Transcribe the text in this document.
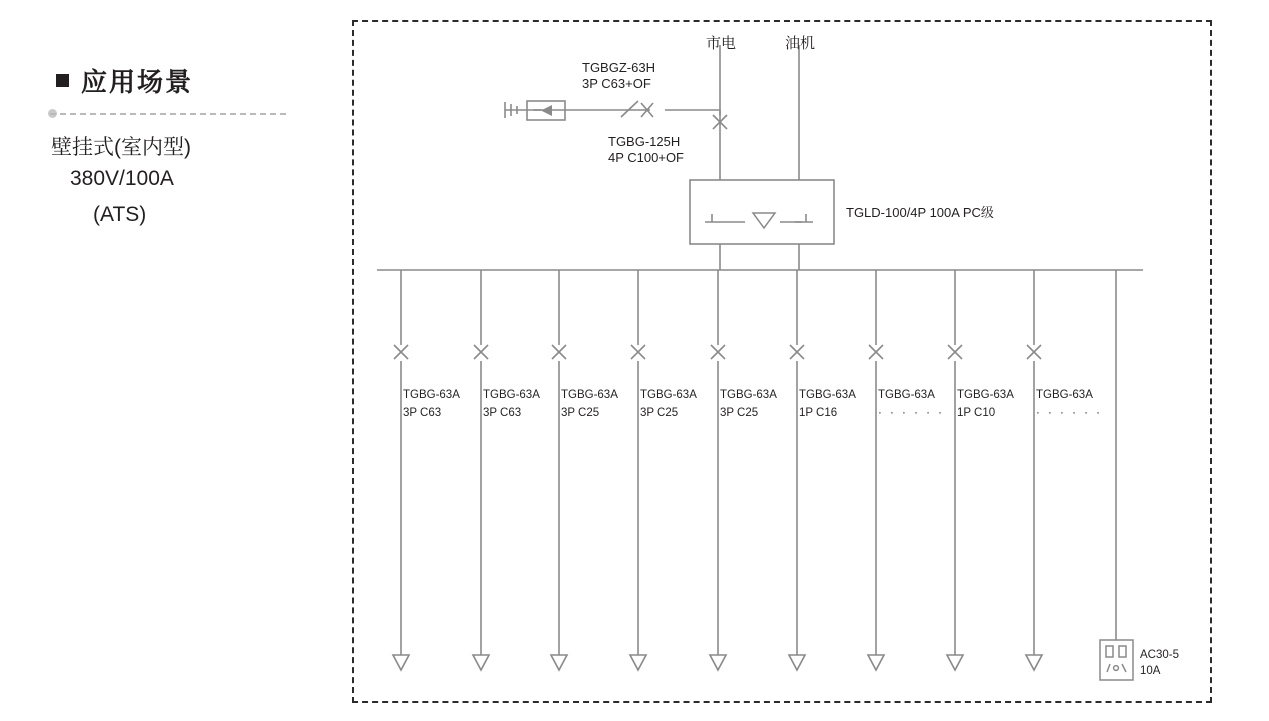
应用场景
壁挂式(室内型)
380V/100A
(ATS)
市电	油机
TGBGZ-63H
3P C63+OF
TGBG-125H
4P C100+OF
TGLD-100/4P 100A PC级
TGBG-63A
3P C63
TGBG-63A
3P C63
TGBG-63A
3P C25
TGBG-63A
3P C25
TGBG-63A
3P C25
TGBG-63A
1P C16
TGBG-63A
· · · · · ·
TGBG-63A
1P C10
TGBG-63A
· · · · · ·
AC30-5
10A
